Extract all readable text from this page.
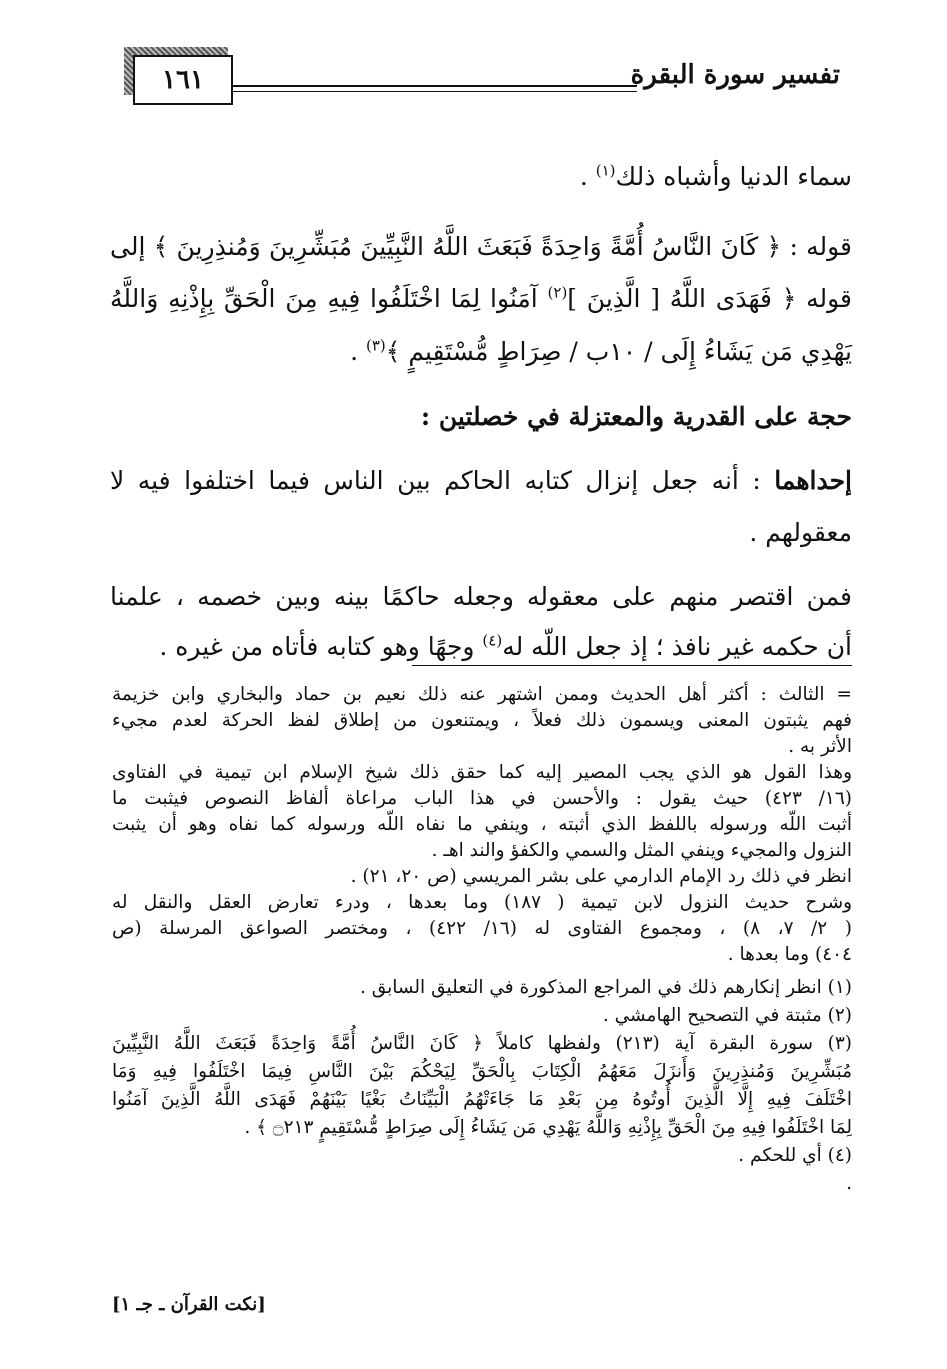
تفسير سورة البقرة
١٦١
سماء الدنيا وأشباه ذلك$^{(١)}$ .
قوله : ﴿ كَانَ النَّاسُ أُمَّةً وَاحِدَةً فَبَعَثَ اللَّهُ النَّبِيِّينَ مُبَشِّرِينَ وَمُنذِرِينَ ﴾ إلى
قوله ﴿ فَهَدَى اللَّهُ [ الَّذِينَ ]$^{(٢)}$ آمَنُوا لِمَا اخْتَلَفُوا فِيهِ مِنَ الْحَقِّ بِإِذْنِهِ وَاللَّهُ
يَهْدِي مَن يَشَاءُ إِلَى / ١٠ب / صِرَاطٍ مُّسْتَقِيمٍ ﴾$^{(٣)}$ .
حجة على القدرية والمعتزلة في خصلتين :
إحداهما : أنه جعل إنزال كتابه الحاكم بين الناس فيما اختلفوا فيه لا
معقولهم .
فمن اقتصر منهم على معقوله وجعله حاكمًا بينه وبين خصمه ، علمنا
أن حكمه غير نافذ ؛ إذ جعل اللّه له$^{(٤)}$ وجهًا وهو كتابه فأتاه من غيره .
= الثالث : أكثر أهل الحديث وممن اشتهر عنه ذلك نعيم بن حماد والبخاري وابن خزيمة
فهم يثبتون المعنى ويسمون ذلك فعلاً ، ويمتنعون من إطلاق لفظ الحركة لعدم مجيء
الأثر به .
وهذا القول هو الذي يجب المصير إليه كما حقق ذلك شيخ الإسلام ابن تيمية في الفتاوى
(١٦/ ٤٢٣) حيث يقول : والأحسن في هذا الباب مراعاة ألفاظ النصوص فيثبت ما
أثبت اللّه ورسوله باللفظ الذي أثبته ، وينفي ما نفاه اللّه ورسوله كما نفاه وهو أن يثبت
النزول والمجيء وينفي المثل والسمي والكفؤ والند اهـ .
انظر في ذلك رد الإمام الدارمي على بشر المريسي (ص ٢٠، ٢١) .
وشرح حديث النزول لابن تيمية ( ١٨٧) وما بعدها ، ودرء تعارض العقل والنقل له
( ٢/ ٧، ٨) ، ومجموع الفتاوى له (١٦/ ٤٢٢) ، ومختصر الصواعق المرسلة (ص
٤٠٤) وما بعدها .
(١) انظر إنكارهم ذلك في المراجع المذكورة في التعليق السابق .
(٢) مثبتة في التصحيح الهامشي .
(٣) سورة البقرة آية (٢١٣) ولفظها كاملاً ﴿ كَانَ النَّاسُ أُمَّةً وَاحِدَةً فَبَعَثَ اللَّهُ النَّبِيِّينَ
مُبَشِّرِينَ وَمُنذِرِينَ وَأَنزَلَ مَعَهُمُ الْكِتَابَ بِالْحَقِّ لِيَحْكُمَ بَيْنَ النَّاسِ فِيمَا اخْتَلَفُوا فِيهِ وَمَا
اخْتَلَفَ فِيهِ إِلَّا الَّذِينَ أُوتُوهُ مِن بَعْدِ مَا جَاءَتْهُمُ الْبَيِّنَاتُ بَغْيًا بَيْنَهُمْ فَهَدَى اللَّهُ الَّذِينَ آمَنُوا
لِمَا اخْتَلَفُوا فِيهِ مِنَ الْحَقِّ بِإِذْنِهِ وَاللَّهُ يَهْدِي مَن يَشَاءُ إِلَى صِرَاطٍ مُّسْتَقِيمٍ ۝٢١٣ ﴾ .
(٤) أي للحكم .
.
[نكت القرآن ـ جـ ١]
